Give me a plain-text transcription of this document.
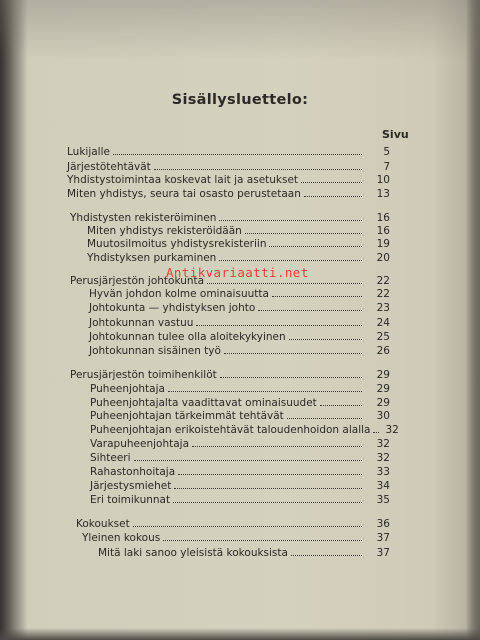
Sisällysluettelo:
Sivu
Lukijalle	5
Järjestötehtävät	7
Yhdistystoimintaa koskevat lait ja asetukset	10
Miten yhdistys, seura tai osasto perustetaan	13
Yhdistysten rekisteröiminen	16
Miten yhdistys rekisteröidään	16
Muutosilmoitus yhdistysrekisteriin	19
Yhdistyksen purkaminen	20
Perusjärjestön johtokunta	22
Hyvän johdon kolme ominaisuutta	22
Johtokunta — yhdistyksen johto	23
Johtokunnan vastuu	24
Johtokunnan tulee olla aloitekykyinen	25
Johtokunnan sisäinen työ	26
Perusjärjestön toimihenkilöt	29
Puheenjohtaja	29
Puheenjohtajalta vaadittavat ominaisuudet	29
Puheenjohtajan tärkeimmät tehtävät	30
Puheenjohtajan erikoistehtävät taloudenhoidon alalla 32
Varapuheenjohtaja	32
Sihteeri	32
Rahastonhoitaja	33
Järjestysmiehet	34
Eri toimikunnat	35
Kokoukset	36
Yleinen kokous	37
Mitä laki sanoo yleisistä kokouksista	37
Antikvariaatti.net
